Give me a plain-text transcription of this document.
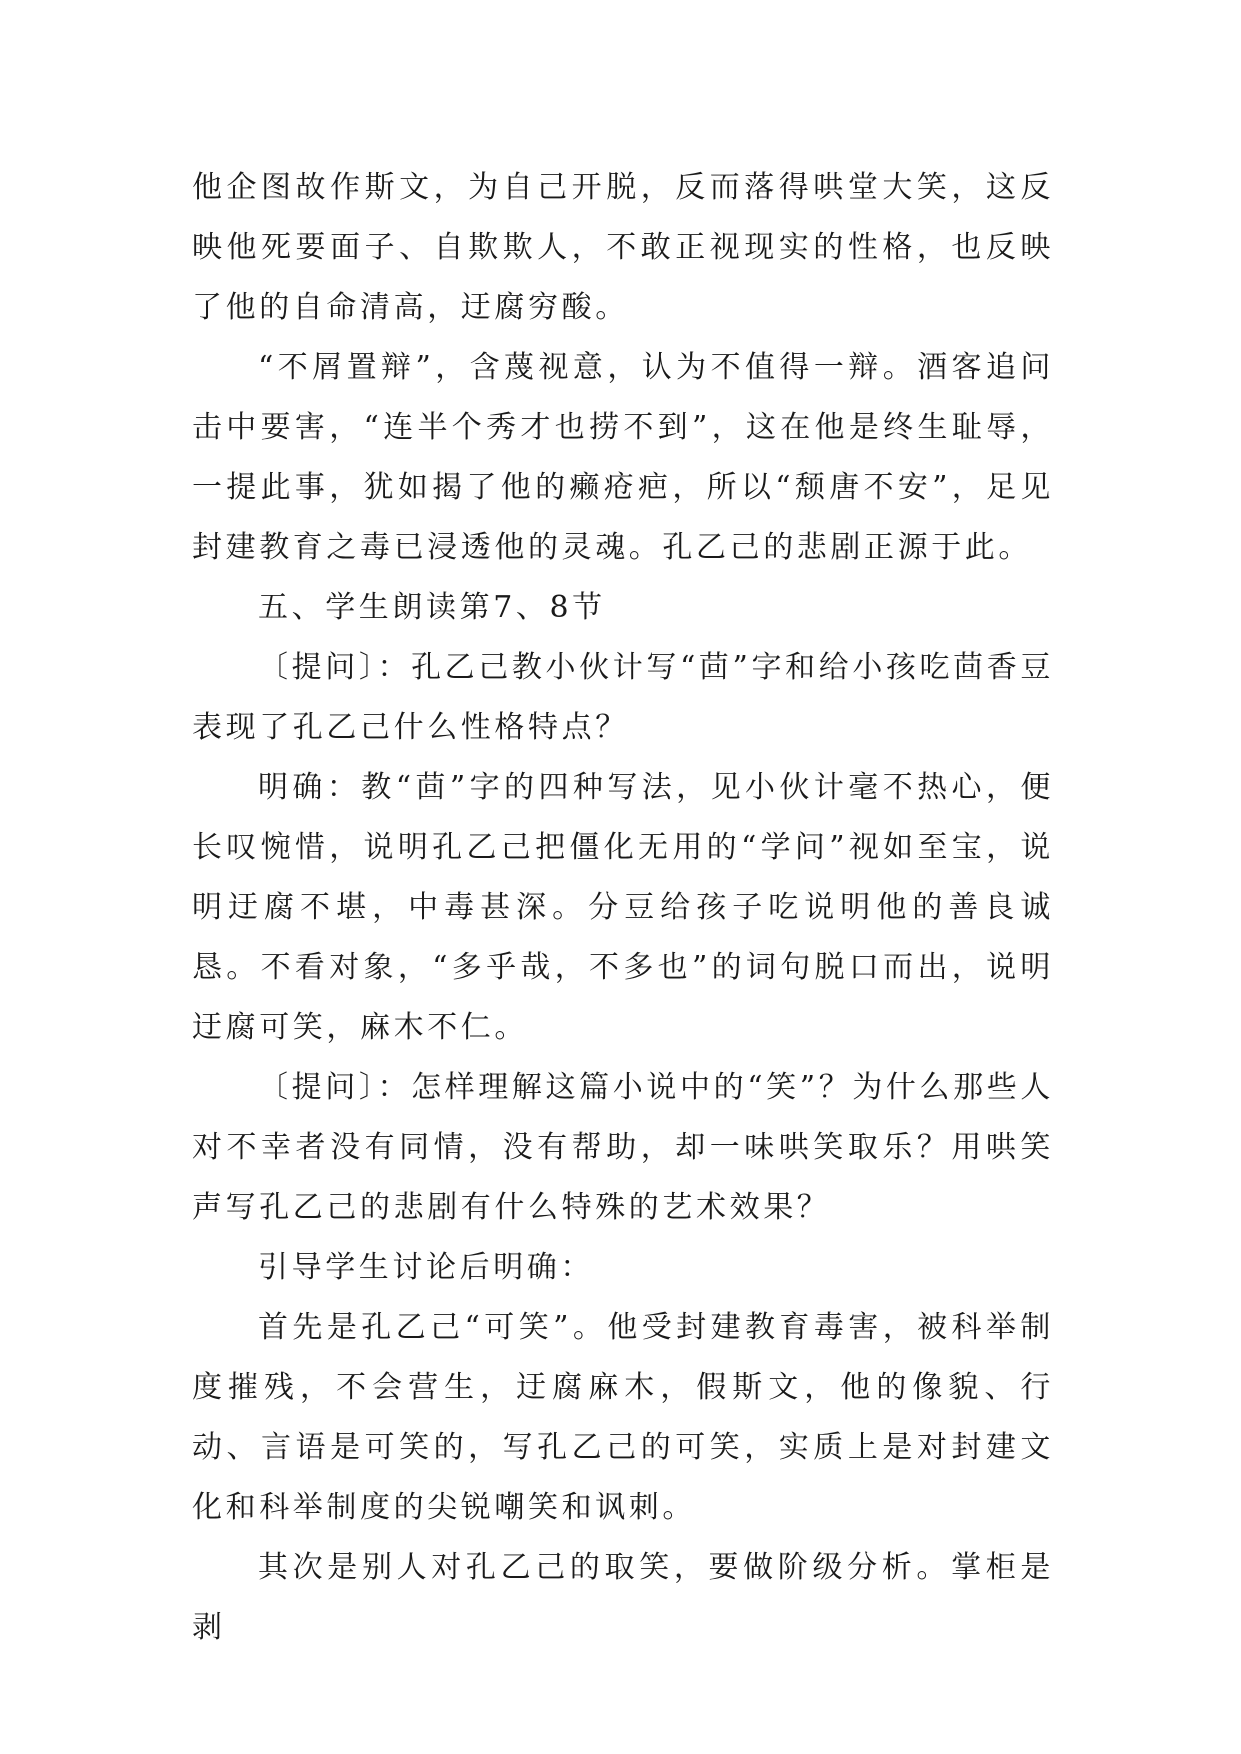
他企图故作斯文，为自己开脱，反而落得哄堂大笑，这反映他死要面子、自欺欺人，不敢正视现实的性格，也反映了他的自命清高，迂腐穷酸。

“不屑置辩”，含蔑视意，认为不值得一辩。酒客追问击中要害，“连半个秀才也捞不到”，这在他是终生耻辱，一提此事，犹如揭了他的癞疮疤，所以“颓唐不安”，足见封建教育之毒已浸透他的灵魂。孔乙己的悲剧正源于此。

五、学生朗读第7、8节

〔提问〕：孔乙己教小伙计写“茴”字和给小孩吃茴香豆表现了孔乙己什么性格特点？

明确：教“茴”字的四种写法，见小伙计毫不热心，便长叹惋惜，说明孔乙己把僵化无用的“学问”视如至宝，说明迂腐不堪，中毒甚深。分豆给孩子吃说明他的善良诚恳。不看对象，“多乎哉，不多也”的词句脱口而出，说明迂腐可笑，麻木不仁。

〔提问〕：怎样理解这篇小说中的“笑”？为什么那些人对不幸者没有同情，没有帮助，却一味哄笑取乐？用哄笑声写孔乙己的悲剧有什么特殊的艺术效果？

引导学生讨论后明确：

首先是孔乙己“可笑”。他受封建教育毒害，被科举制度摧残，不会营生，迂腐麻木，假斯文，他的像貌、行动、言语是可笑的，写孔乙己的可笑，实质上是对封建文化和科举制度的尖锐嘲笑和讽刺。

其次是别人对孔乙己的取笑，要做阶级分析。掌柜是剥
